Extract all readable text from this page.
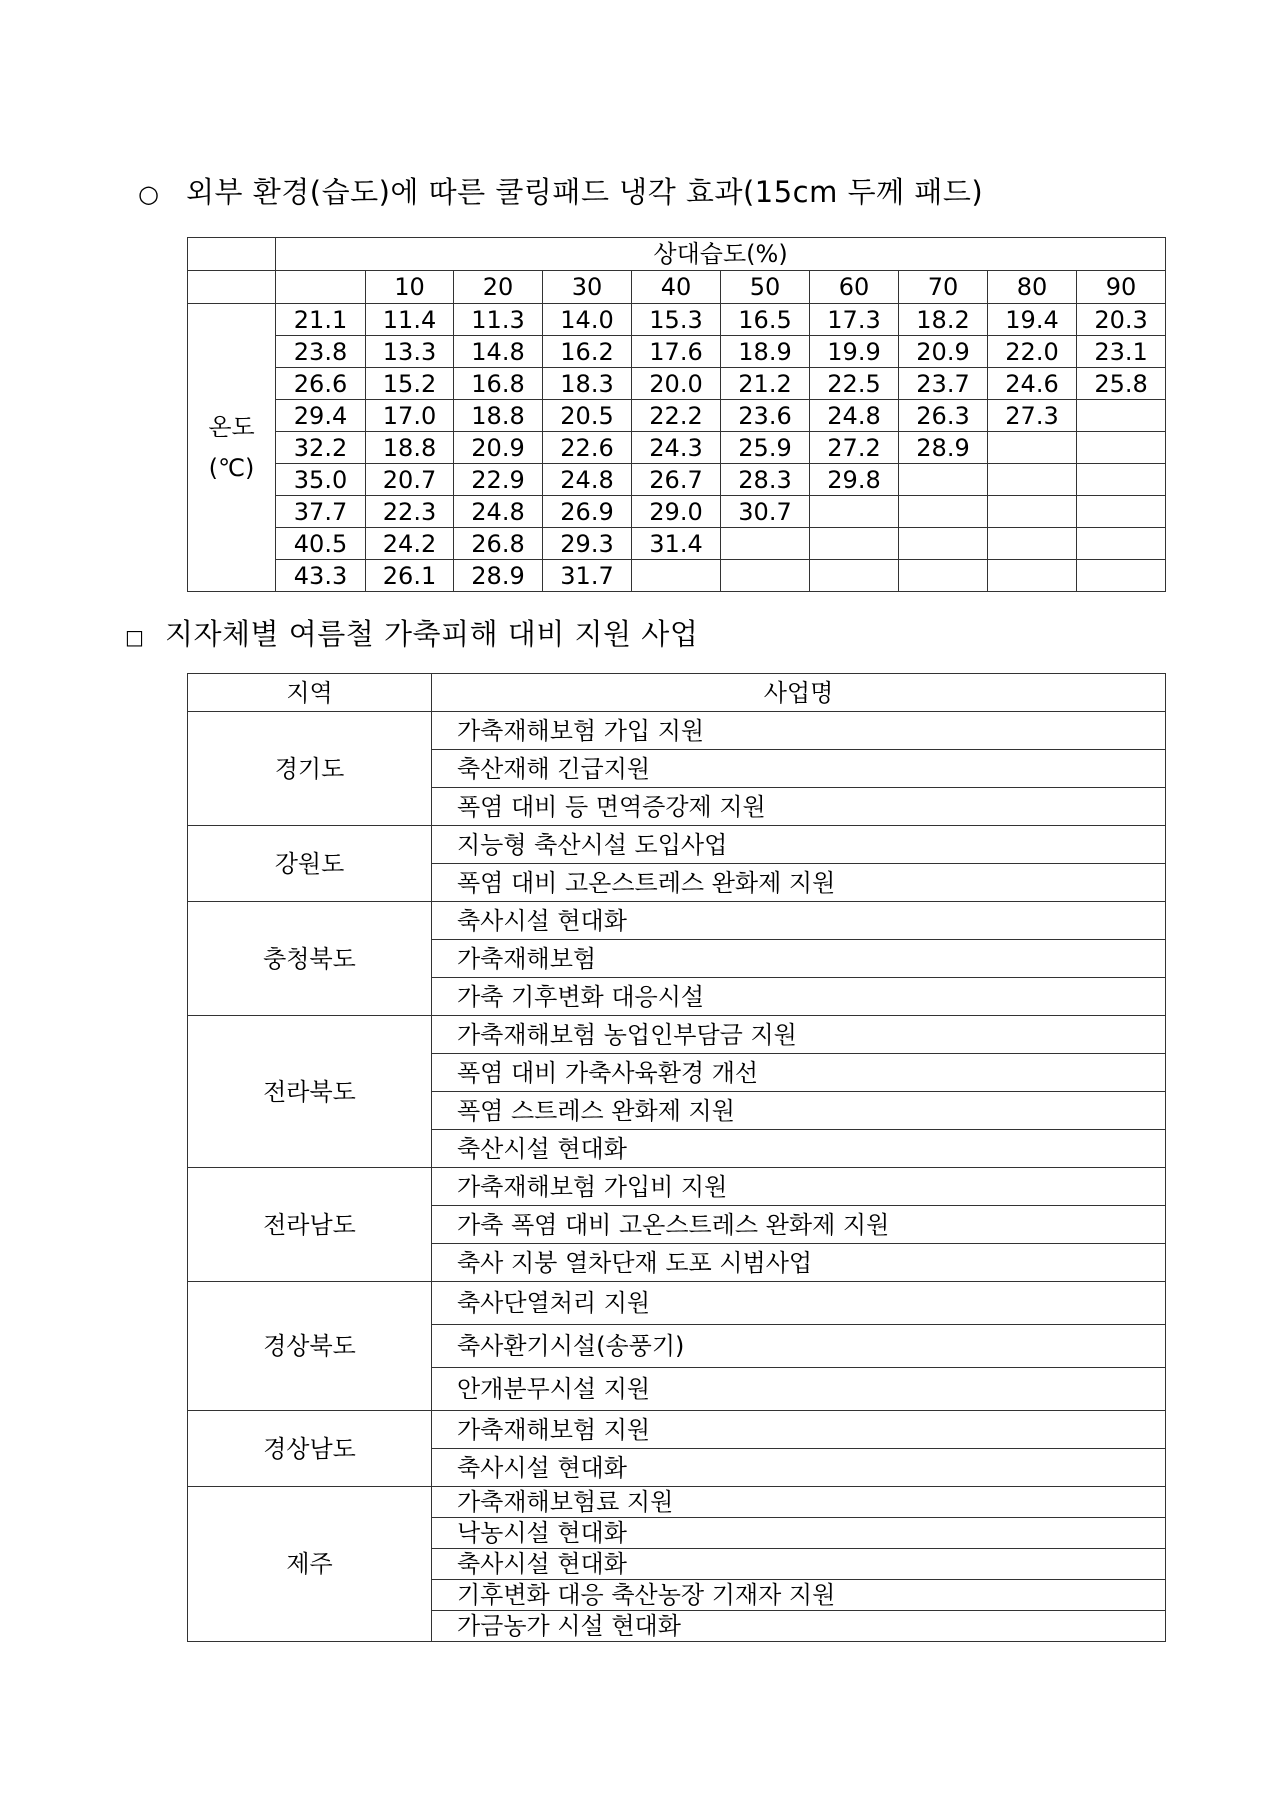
○ 외부 환경(습도)에 따른 쿨링패드 냉각 효과(15cm 두께 패드)
	상대습도(%)									
		10	20	30	40	50	60	70	80	90

온도
(℃)	21.1	11.4	11.3	14.0	15.3	16.5	17.3	18.2	19.4	20.3
	23.8	13.3	14.8	16.2	17.6	18.9	19.9	20.9	22.0	23.1
	26.6	15.2	16.8	18.3	20.0	21.2	22.5	23.7	24.6	25.8
	29.4	17.0	18.8	20.5	22.2	23.6	24.8	26.3	27.3	
	32.2	18.8	20.9	22.6	24.3	25.9	27.2	28.9		
	35.0	20.7	22.9	24.8	26.7	28.3	29.8			
	37.7	22.3	24.8	26.9	29.0	30.7				
	40.5	24.2	26.8	29.3	31.4					
	43.3	26.1	28.9	31.7						
□ 지자체별 여름철 가축피해 대비 지원 사업
지역	사업명
경기도	가축재해보험 가입 지원
	축산재해 긴급지원
	폭염 대비 등 면역증강제 지원
강원도	지능형 축산시설 도입사업
	폭염 대비 고온스트레스 완화제 지원
충청북도	축사시설 현대화
	가축재해보험
	가축 기후변화 대응시설
전라북도	가축재해보험 농업인부담금 지원
	폭염 대비 가축사육환경 개선
	폭염 스트레스 완화제 지원
	축산시설 현대화
전라남도	가축재해보험 가입비 지원
	가축 폭염 대비 고온스트레스 완화제 지원
	축사 지붕 열차단재 도포 시범사업
경상북도	축사단열처리 지원
	축사환기시설(송풍기)
	안개분무시설 지원
경상남도	가축재해보험 지원
	축사시설 현대화
제주	가축재해보험료 지원
	낙농시설 현대화
	축사시설 현대화
	기후변화 대응 축산농장 기재자 지원
	가금농가 시설 현대화
